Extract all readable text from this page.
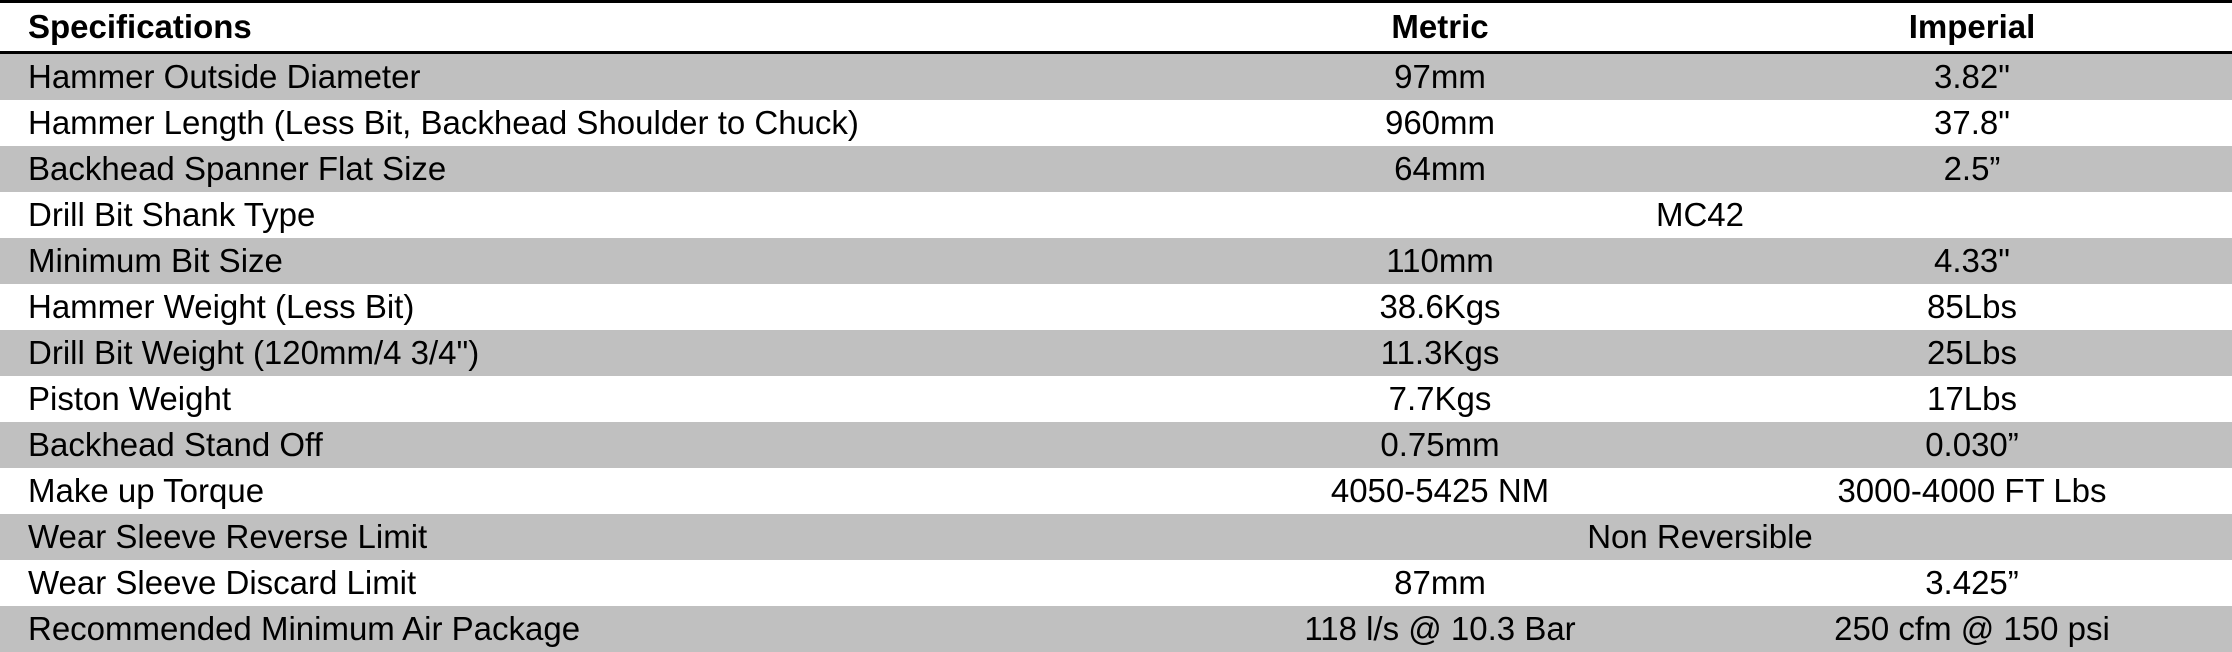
Specifications	Metric	Imperial
Hammer Outside Diameter	97mm	3.82"
Hammer Length (Less Bit, Backhead Shoulder to Chuck)	960mm	37.8"
Backhead Spanner Flat Size	64mm	2.5”
Drill Bit Shank Type	MC42
Minimum Bit Size	110mm	4.33"
Hammer Weight (Less Bit)	38.6Kgs	85Lbs
Drill Bit Weight (120mm/4 3/4")	11.3Kgs	25Lbs
Piston Weight	7.7Kgs	17Lbs
Backhead Stand Off	0.75mm	0.030”
Make up Torque	4050-5425 NM	3000-4000 FT Lbs
Wear Sleeve Reverse Limit	Non Reversible
Wear Sleeve Discard Limit	87mm	3.425”
Recommended Minimum Air Package	118 l/s @ 10.3 Bar	250 cfm @ 150 psi
